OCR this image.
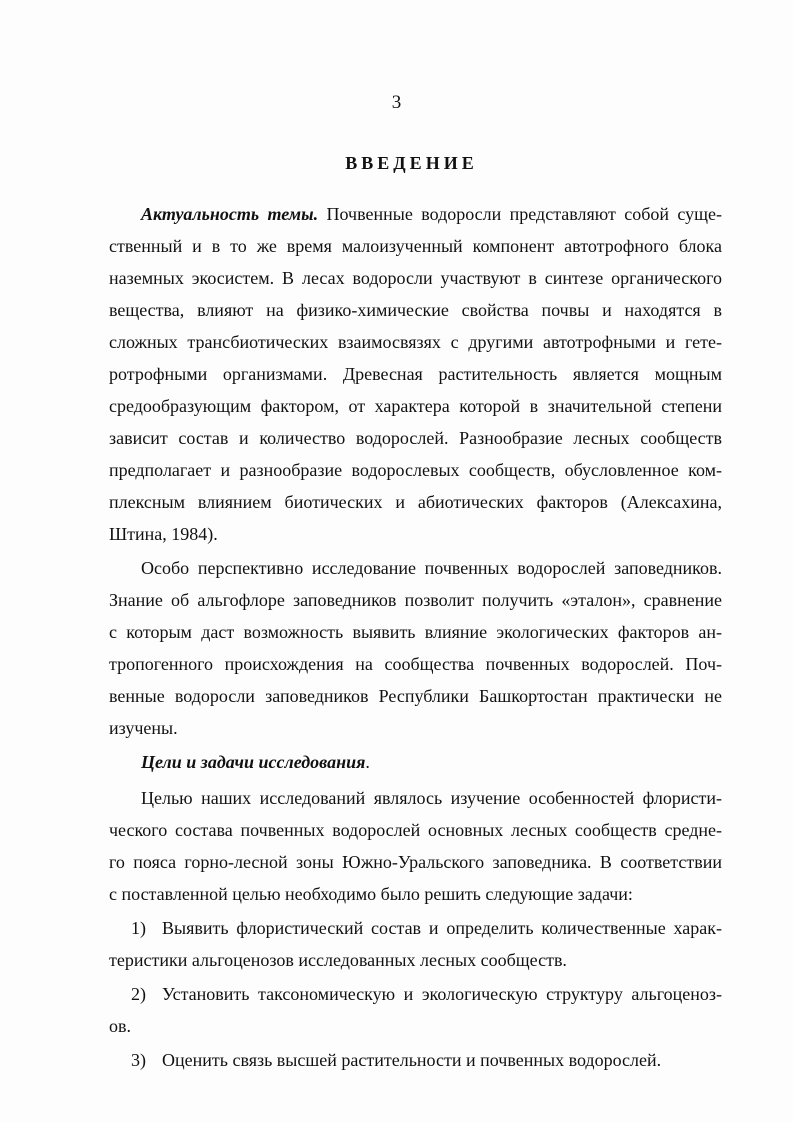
3
ВВЕДЕНИЕ
Актуальность темы. Почвенные водоросли представляют собой суще-
ственный и в то же время малоизученный компонент автотрофного блока
наземных экосистем. В лесах водоросли участвуют в синтезе органического
вещества, влияют на физико-химические свойства почвы и находятся в
сложных трансбиотических взаимосвязях с другими автотрофными и гете-
ротрофными организмами. Древесная растительность является мощным
средообразующим фактором, от характера которой в значительной степени
зависит состав и количество водорослей. Разнообразие лесных сообществ
предполагает и разнообразие водорослевых сообществ, обусловленное ком-
плексным влиянием биотических и абиотических факторов (Алексахина,
Штина, 1984).
Особо перспективно исследование почвенных водорослей заповедников.
Знание об альгофлоре заповедников позволит получить «эталон», сравнение
с которым даст возможность выявить влияние экологических факторов ан-
тропогенного происхождения на сообщества почвенных водорослей. Поч-
венные водоросли заповедников Республики Башкортостан практически не
изучены.
Цели и задачи исследования.
Целью наших исследований являлось изучение особенностей флористи-
ческого состава почвенных водорослей основных лесных сообществ средне-
го пояса горно-лесной зоны Южно-Уральского заповедника. В соответствии
с поставленной целью необходимо было решить следующие задачи:
1) Выявить флористический состав и определить количественные харак-
теристики альгоценозов исследованных лесных сообществ.
2) Установить таксономическую и экологическую структуру альгоценоз-
ов.
3) Оценить связь высшей растительности и почвенных водорослей.
